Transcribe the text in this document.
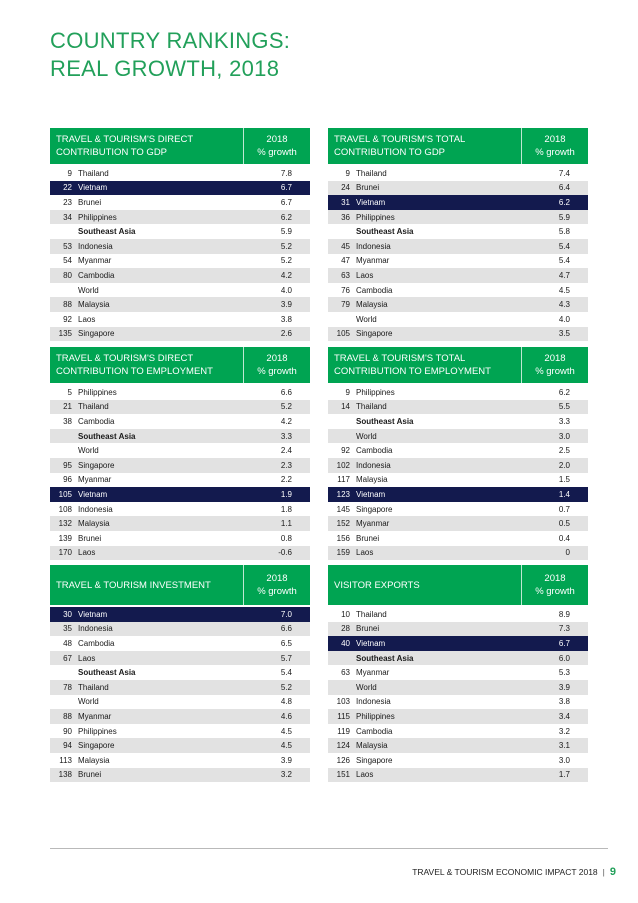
COUNTRY RANKINGS:
REAL GROWTH, 2018
TRAVEL & TOURISM'S DIRECT CONTRIBUTION TO GDP
2018
% growth
9 Thailand	7.8
22 Vietnam	6.7
23 Brunei	6.7
34 Philippines	6.2
Southeast Asia	5.9
53 Indonesia	5.2
54 Myanmar	5.2
80 Cambodia	4.2
World	4.0
88 Malaysia	3.9
92 Laos	3.8
135 Singapore	2.6
TRAVEL & TOURISM'S TOTAL CONTRIBUTION TO GDP
2018
% growth
9 Thailand	7.4
24 Brunei	6.4
31 Vietnam	6.2
36 Philippines	5.9
Southeast Asia	5.8
45 Indonesia	5.4
47 Myanmar	5.4
63 Laos	4.7
76 Cambodia	4.5
79 Malaysia	4.3
World	4.0
105 Singapore	3.5
TRAVEL & TOURISM'S DIRECT CONTRIBUTION TO EMPLOYMENT
2018
% growth
5 Philippines	6.6
21 Thailand	5.2
38 Cambodia	4.2
Southeast Asia	3.3
World	2.4
95 Singapore	2.3
96 Myanmar	2.2
105 Vietnam	1.9
108 Indonesia	1.8
132 Malaysia	1.1
139 Brunei	0.8
170 Laos	-0.6
TRAVEL & TOURISM'S TOTAL CONTRIBUTION TO EMPLOYMENT
2018
% growth
9 Philippines	6.2
14 Thailand	5.5
Southeast Asia	3.3
World	3.0
92 Cambodia	2.5
102 Indonesia	2.0
117 Malaysia	1.5
123 Vietnam	1.4
145 Singapore	0.7
152 Myanmar	0.5
156 Brunei	0.4
159 Laos	0
TRAVEL & TOURISM INVESTMENT
2018
% growth
30 Vietnam	7.0
35 Indonesia	6.6
48 Cambodia	6.5
67 Laos	5.7
Southeast Asia	5.4
78 Thailand	5.2
World	4.8
88 Myanmar	4.6
90 Philippines	4.5
94 Singapore	4.5
113 Malaysia	3.9
138 Brunei	3.2
VISITOR EXPORTS
2018
% growth
10 Thailand	8.9
28 Brunei	7.3
40 Vietnam	6.7
Southeast Asia	6.0
63 Myanmar	5.3
World	3.9
103 Indonesia	3.8
115 Philippines	3.4
119 Cambodia	3.2
124 Malaysia	3.1
126 Singapore	3.0
151 Laos	1.7
TRAVEL & TOURISM ECONOMIC IMPACT 2018 | 9
